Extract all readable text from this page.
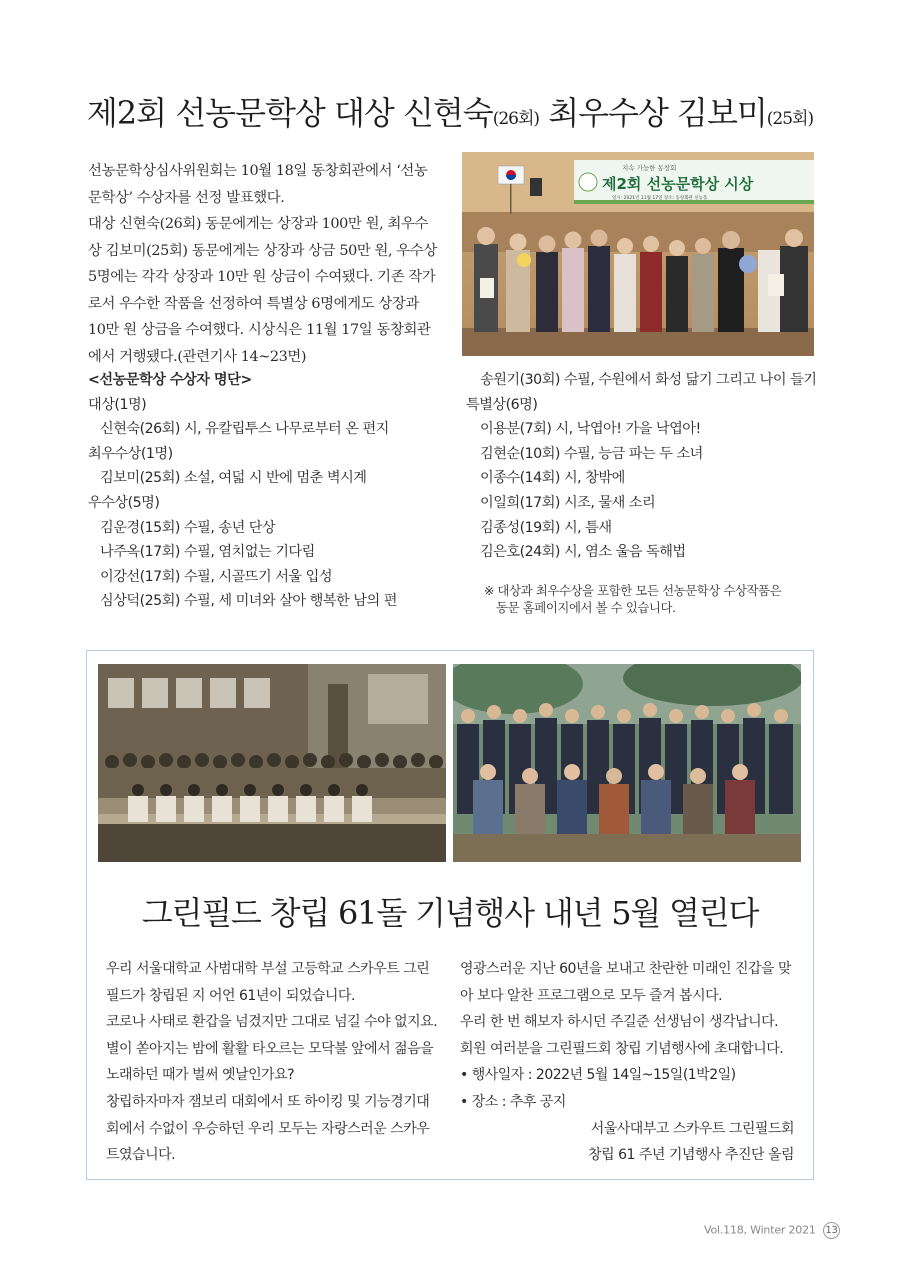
제2회 선농문학상 대상 신현숙(26회) 최우수상 김보미(25회)

선농문학상심사위원회는 10월 18일 동창회관에서 ‘선농문학상’ 수상자를 선정 발표했다.

대상 신현숙(26회) 동문에게는 상장과 100만 원, 최우수상 김보미(25회) 동문에게는 상장과 상금 50만 원, 우수상 5명에는 각각 상장과 10만 원 상금이 수여됐다. 기존 작가로서 우수한 작품을 선정하여 특별상 6명에게도 상장과 10만 원 상금을 수여했다. 시상식은 11월 17일 동창회관에서 거행됐다.(관련기사 14~23면)

지속 가능한 동창회
제2회 선농문학상 시상
일시: 2021년 11월 17일 장소: 동창회관 선농홀
<선농문학상 수상자 명단>
대상(1명)
신현숙(26회) 시, 유칼립투스 나무로부터 온 편지
최우수상(1명)
김보미(25회) 소설, 여덟 시 반에 멈춘 벽시계
우수상(5명)
김운경(15회) 수필, 송년 단상
나주옥(17회) 수필, 염치없는 기다림
이강선(17회) 수필, 시골뜨기 서울 입성
심상덕(25회) 수필, 세 미녀와 살아 행복한 남의 편
송원기(30회) 수필, 수원에서 화성 닮기 그리고 나이 들기
특별상(6명)
이용분(7회) 시, 낙엽아! 가을 낙엽아!
김현순(10회) 수필, 능금 파는 두 소녀
이종수(14회) 시, 창밖에
이일희(17회) 시조, 물새 소리
김종성(19회) 시, 틈새
김은호(24회) 시, 염소 울음 독해법
※ 대상과 최우수상을 포함한 모든 선농문학상 수상작품은
동문 홈페이지에서 볼 수 있습니다.
그린필드 창립 61돌 기념행사 내년 5월 열린다

우리 서울대학교 사범대학 부설 고등학교 스카우트 그린필드가 창립된 지 어언 61년이 되었습니다.

코로나 사태로 환갑을 넘겼지만 그대로 넘길 수야 없지요. 별이 쏟아지는 밤에 활활 타오르는 모닥불 앞에서 젊음을 노래하던 때가 벌써 옛날인가요?

창립하자마자 잼보리 대회에서 또 하이킹 및 기능경기대회에서 수없이 우승하던 우리 모두는 자랑스러운 스카우트였습니다.

영광스러운 지난 60년을 보내고 찬란한 미래인 진갑을 맞아 보다 알찬 프로그램으로 모두 즐겨 봅시다.

우리 한 번 해보자 하시던 주길준 선생님이 생각납니다.

회원 여러분을 그린필드회 창립 기념행사에 초대합니다.

• 행사일자 : 2022년 5월 14일~15일(1박2일)

• 장소 : 추후 공지

서울사대부고 스카우트 그린필드회

창립 61 주년 기념행사 추진단 올림

Vol.118, Winter 2021 13
